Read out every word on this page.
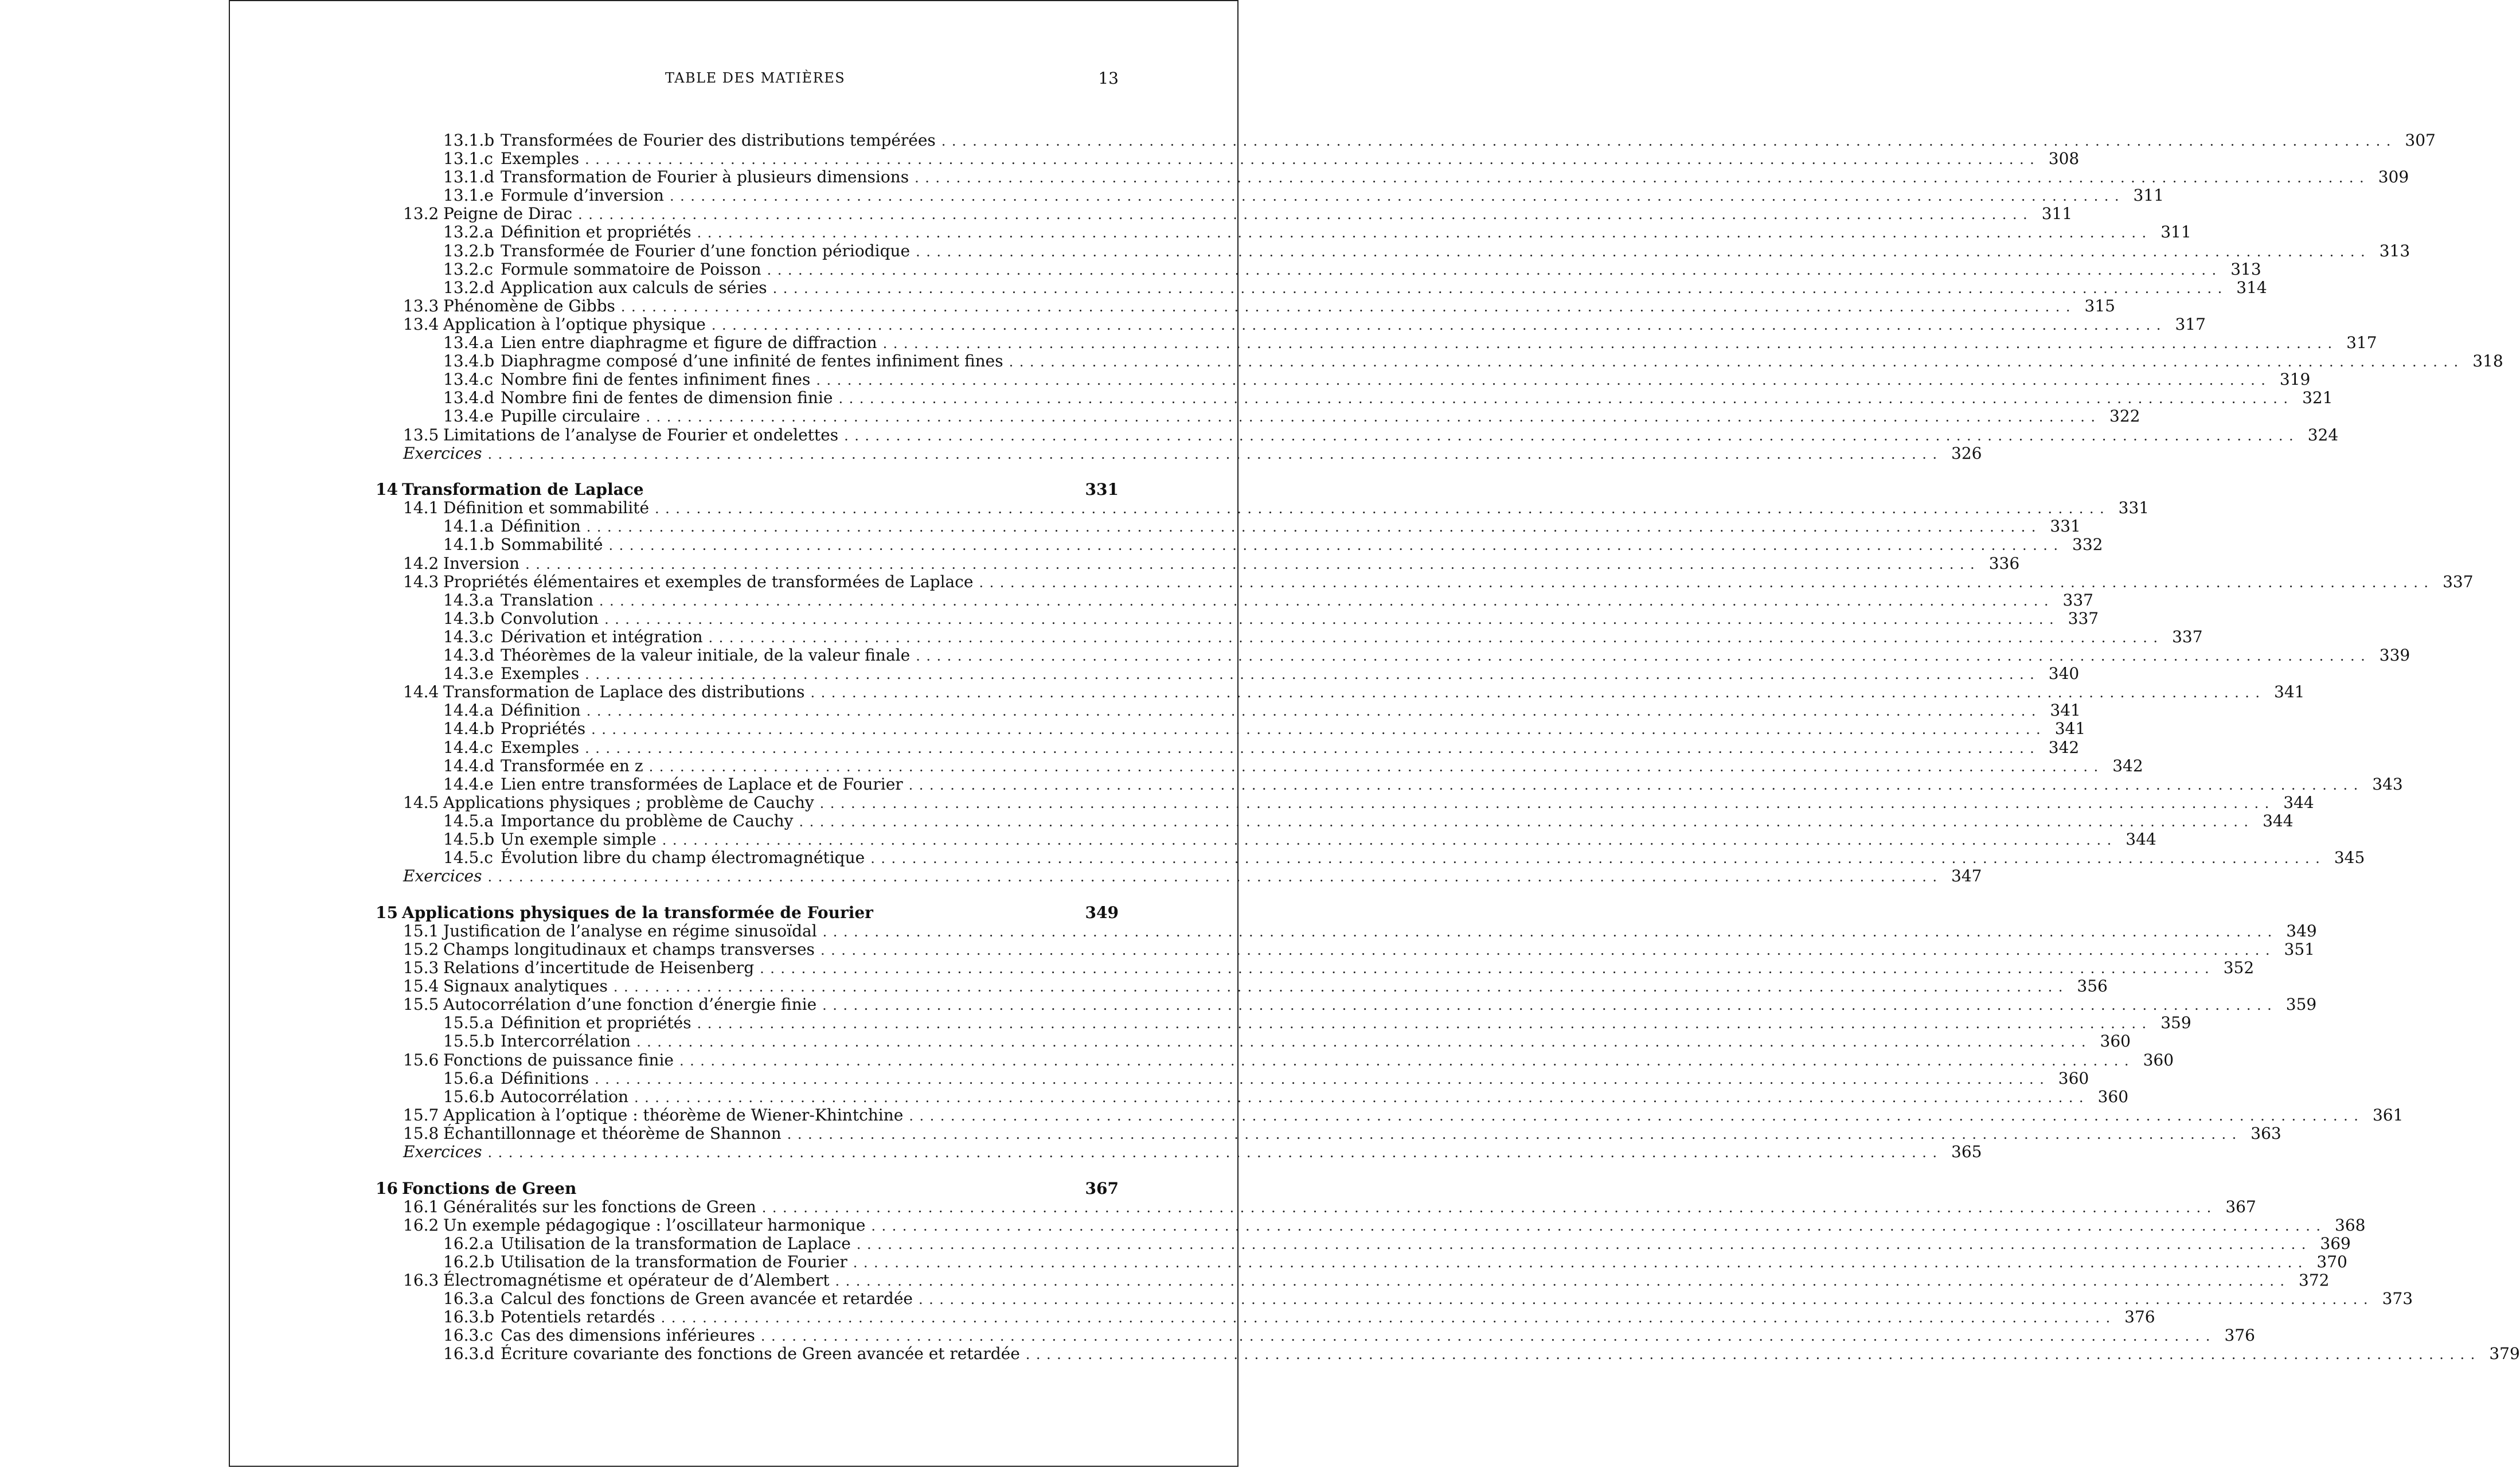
TABLE DES MATIÈRES	13
13.1.b Transformées de Fourier des distributions tempérées ............................................................................................................................................ 307
13.1.c Exemples ............................................................................................................................................ 308
13.1.d Transformation de Fourier à plusieurs dimensions ............................................................................................................................................ 309
13.1.e Formule d’inversion ............................................................................................................................................ 311
13.2 Peigne de Dirac ............................................................................................................................................ 311
13.2.a Définition et propriétés ............................................................................................................................................ 311
13.2.b Transformée de Fourier d’une fonction périodique ............................................................................................................................................ 313
13.2.c Formule sommatoire de Poisson ............................................................................................................................................ 313
13.2.d Application aux calculs de séries ............................................................................................................................................ 314
13.3 Phénomène de Gibbs ............................................................................................................................................ 315
13.4 Application à l’optique physique ............................................................................................................................................ 317
13.4.a Lien entre diaphragme et figure de diffraction ............................................................................................................................................ 317
13.4.b Diaphragme composé d’une infinité de fentes infiniment fines ............................................................................................................................................ 318
13.4.c Nombre fini de fentes infiniment fines ............................................................................................................................................ 319
13.4.d Nombre fini de fentes de dimension finie ............................................................................................................................................ 321
13.4.e Pupille circulaire ............................................................................................................................................ 322
13.5 Limitations de l’analyse de Fourier et ondelettes ............................................................................................................................................ 324
Exercices ............................................................................................................................................ 326
14 Transformation de Laplace	331
14.1 Définition et sommabilité ............................................................................................................................................ 331
14.1.a Définition ............................................................................................................................................ 331
14.1.b Sommabilité ............................................................................................................................................ 332
14.2 Inversion ............................................................................................................................................ 336
14.3 Propriétés élémentaires et exemples de transformées de Laplace ............................................................................................................................................ 337
14.3.a Translation ............................................................................................................................................ 337
14.3.b Convolution ............................................................................................................................................ 337
14.3.c Dérivation et intégration ............................................................................................................................................ 337
14.3.d Théorèmes de la valeur initiale, de la valeur finale ............................................................................................................................................ 339
14.3.e Exemples ............................................................................................................................................ 340
14.4 Transformation de Laplace des distributions ............................................................................................................................................ 341
14.4.a Définition ............................................................................................................................................ 341
14.4.b Propriétés ............................................................................................................................................ 341
14.4.c Exemples ............................................................................................................................................ 342
14.4.d Transformée en z ............................................................................................................................................ 342
14.4.e Lien entre transformées de Laplace et de Fourier ............................................................................................................................................ 343
14.5 Applications physiques ; problème de Cauchy ............................................................................................................................................ 344
14.5.a Importance du problème de Cauchy ............................................................................................................................................ 344
14.5.b Un exemple simple ............................................................................................................................................ 344
14.5.c Évolution libre du champ électromagnétique ............................................................................................................................................ 345
Exercices ............................................................................................................................................ 347
15 Applications physiques de la transformée de Fourier	349
15.1 Justification de l’analyse en régime sinusoïdal ............................................................................................................................................ 349
15.2 Champs longitudinaux et champs transverses ............................................................................................................................................ 351
15.3 Relations d’incertitude de Heisenberg ............................................................................................................................................ 352
15.4 Signaux analytiques ............................................................................................................................................ 356
15.5 Autocorrélation d’une fonction d’énergie finie ............................................................................................................................................ 359
15.5.a Définition et propriétés ............................................................................................................................................ 359
15.5.b Intercorrélation ............................................................................................................................................ 360
15.6 Fonctions de puissance finie ............................................................................................................................................ 360
15.6.a Définitions ............................................................................................................................................ 360
15.6.b Autocorrélation ............................................................................................................................................ 360
15.7 Application à l’optique : théorème de Wiener-Khintchine ............................................................................................................................................ 361
15.8 Échantillonnage et théorème de Shannon ............................................................................................................................................ 363
Exercices ............................................................................................................................................ 365
16 Fonctions de Green	367
16.1 Généralités sur les fonctions de Green ............................................................................................................................................ 367
16.2 Un exemple pédagogique : l’oscillateur harmonique ............................................................................................................................................ 368
16.2.a Utilisation de la transformation de Laplace ............................................................................................................................................ 369
16.2.b Utilisation de la transformation de Fourier ............................................................................................................................................ 370
16.3 Électromagnétisme et opérateur de d’Alembert ............................................................................................................................................ 372
16.3.a Calcul des fonctions de Green avancée et retardée ............................................................................................................................................ 373
16.3.b Potentiels retardés ............................................................................................................................................ 376
16.3.c Cas des dimensions inférieures ............................................................................................................................................ 376
16.3.d Écriture covariante des fonctions de Green avancée et retardée ............................................................................................................................................ 379
